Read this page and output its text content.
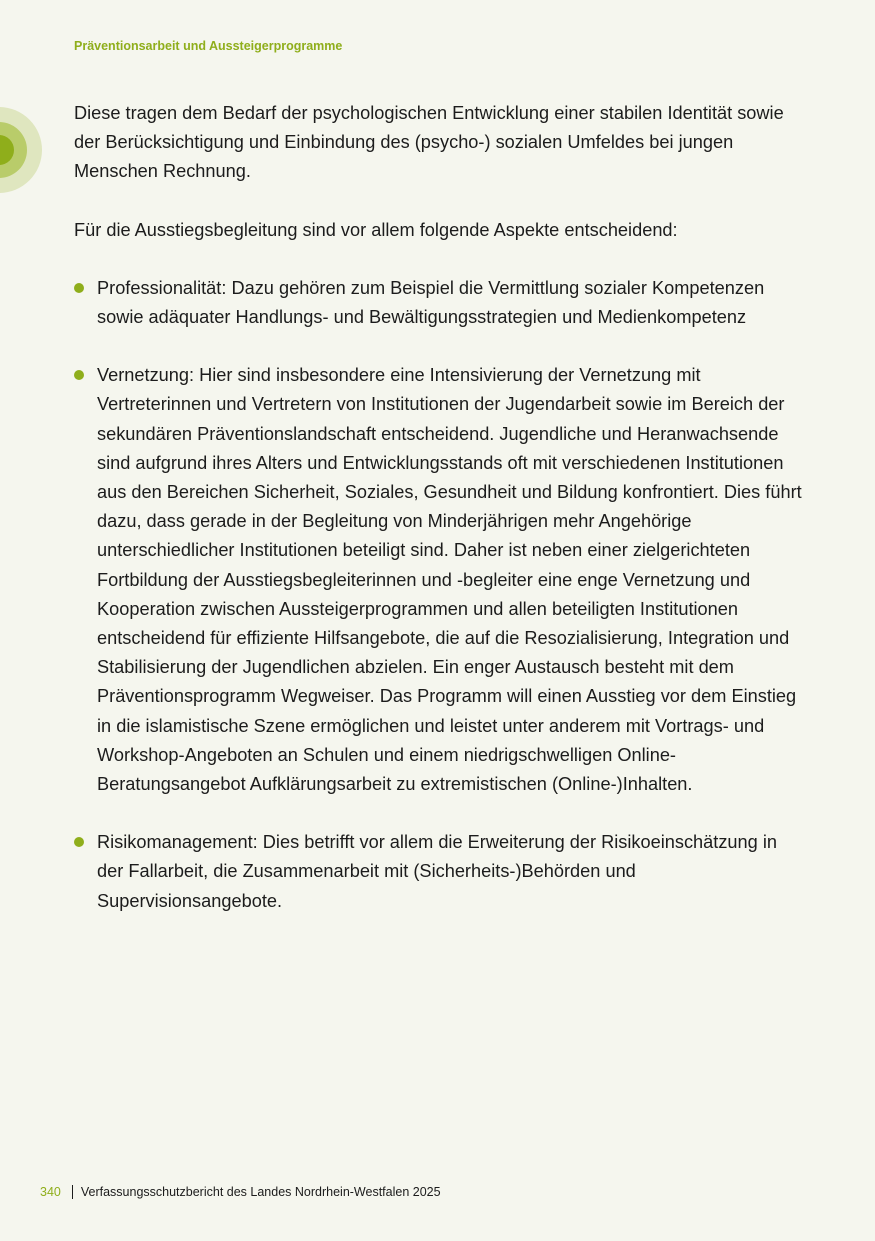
Präventionsarbeit und Aussteigerprogramme

Diese tragen dem Bedarf der psychologischen Entwicklung einer stabilen Identität sowie der Berücksichtigung und Einbindung des (psycho-) sozialen Umfeldes bei jungen Menschen Rechnung.

Für die Ausstiegsbegleitung sind vor allem folgende Aspekte entscheidend:

Professionalität: Dazu gehören zum Beispiel die Vermittlung sozialer Kompetenzen sowie adäquater Handlungs- und Bewältigungsstrategien und Medienkompetenz
Vernetzung: Hier sind insbesondere eine Intensivierung der Vernetzung mit Vertreterinnen und Vertretern von Institutionen der Jugendarbeit sowie im Bereich der sekundären Präventionslandschaft entscheidend. Jugendliche und Heranwachsende sind aufgrund ihres Alters und Entwicklungsstands oft mit verschiedenen Institutionen aus den Bereichen Sicherheit, Soziales, Gesundheit und Bildung konfrontiert. Dies führt dazu, dass gerade in der Begleitung von Minderjährigen mehr Angehörige unterschiedlicher Institutionen beteiligt sind. Daher ist neben einer zielgerichteten Fortbildung der Ausstiegsbegleiterinnen und -begleiter eine enge Vernetzung und Kooperation zwischen Aussteigerprogrammen und allen beteiligten Institutionen entscheidend für effiziente Hilfsangebote, die auf die Resozialisierung, Integration und Stabilisierung der Jugendlichen abzielen. Ein enger Austausch besteht mit dem Präventionsprogramm Wegweiser. Das Programm will einen Ausstieg vor dem Einstieg in die islamistische Szene ermöglichen und leistet unter anderem mit Vortrags- und Workshop-Angeboten an Schulen und einem niedrigschwelligen Online-Beratungsangebot Aufklärungsarbeit zu extremistischen (Online-)Inhalten.
Risikomanagement: Dies betrifft vor allem die Erweiterung der Risikoeinschätzung in der Fallarbeit, die Zusammenarbeit mit (Sicherheits-)Behörden und Supervisionsangebote.
340 Verfassungsschutzbericht des Landes Nordrhein-Westfalen 2025
